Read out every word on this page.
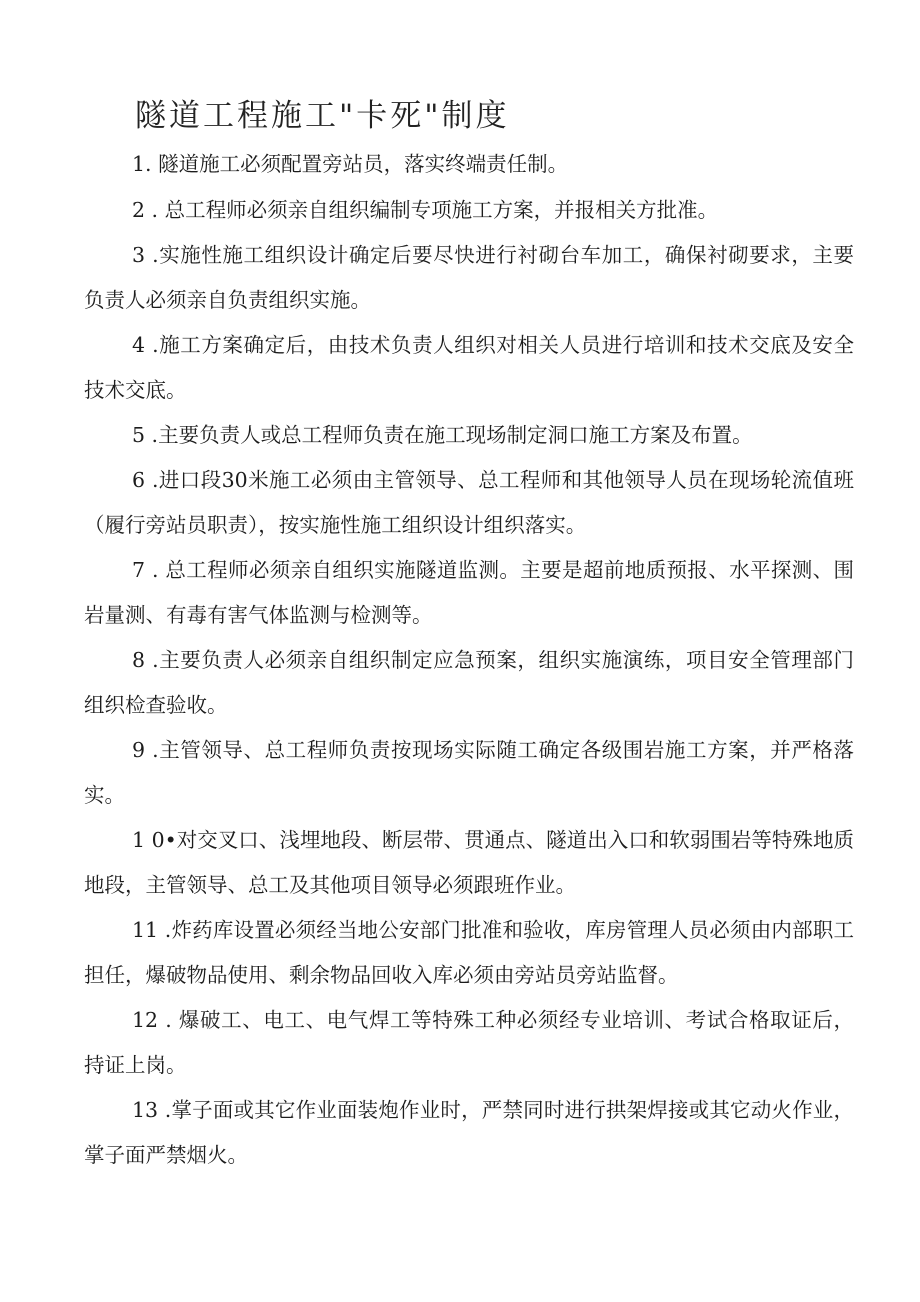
隧道工程施工"卡死"制度

1. 隧道施工必须配置旁站员，落实终端责任制。

2 . 总工程师必须亲自组织编制专项施工方案，并报相关方批准。

3 .实施性施工组织设计确定后要尽快进行衬砌台车加工，确保衬砌要求，主要负责人必须亲自负责组织实施。

4 .施工方案确定后，由技术负责人组织对相关人员进行培训和技术交底及安全技术交底。

5 .主要负责人或总工程师负责在施工现场制定洞口施工方案及布置。

6 .进口段30米施工必须由主管领导、总工程师和其他领导人员在现场轮流值班（履行旁站员职责），按实施性施工组织设计组织落实。

7 . 总工程师必须亲自组织实施隧道监测。主要是超前地质预报、水平探测、围岩量测、有毒有害气体监测与检测等。

8 .主要负责人必须亲自组织制定应急预案，组织实施演练，项目安全管理部门组织检查验收。

9 .主管领导、总工程师负责按现场实际随工确定各级围岩施工方案，并严格落实。

1 0•对交叉口、浅埋地段、断层带、贯通点、隧道出入口和软弱围岩等特殊地质地段，主管领导、总工及其他项目领导必须跟班作业。

11 .炸药库设置必须经当地公安部门批准和验收，库房管理人员必须由内部职工担任，爆破物品使用、剩余物品回收入库必须由旁站员旁站监督。

12 . 爆破工、电工、电气焊工等特殊工种必须经专业培训、考试合格取证后，持证上岗。

13 .掌子面或其它作业面装炮作业时，严禁同时进行拱架焊接或其它动火作业，掌子面严禁烟火。
